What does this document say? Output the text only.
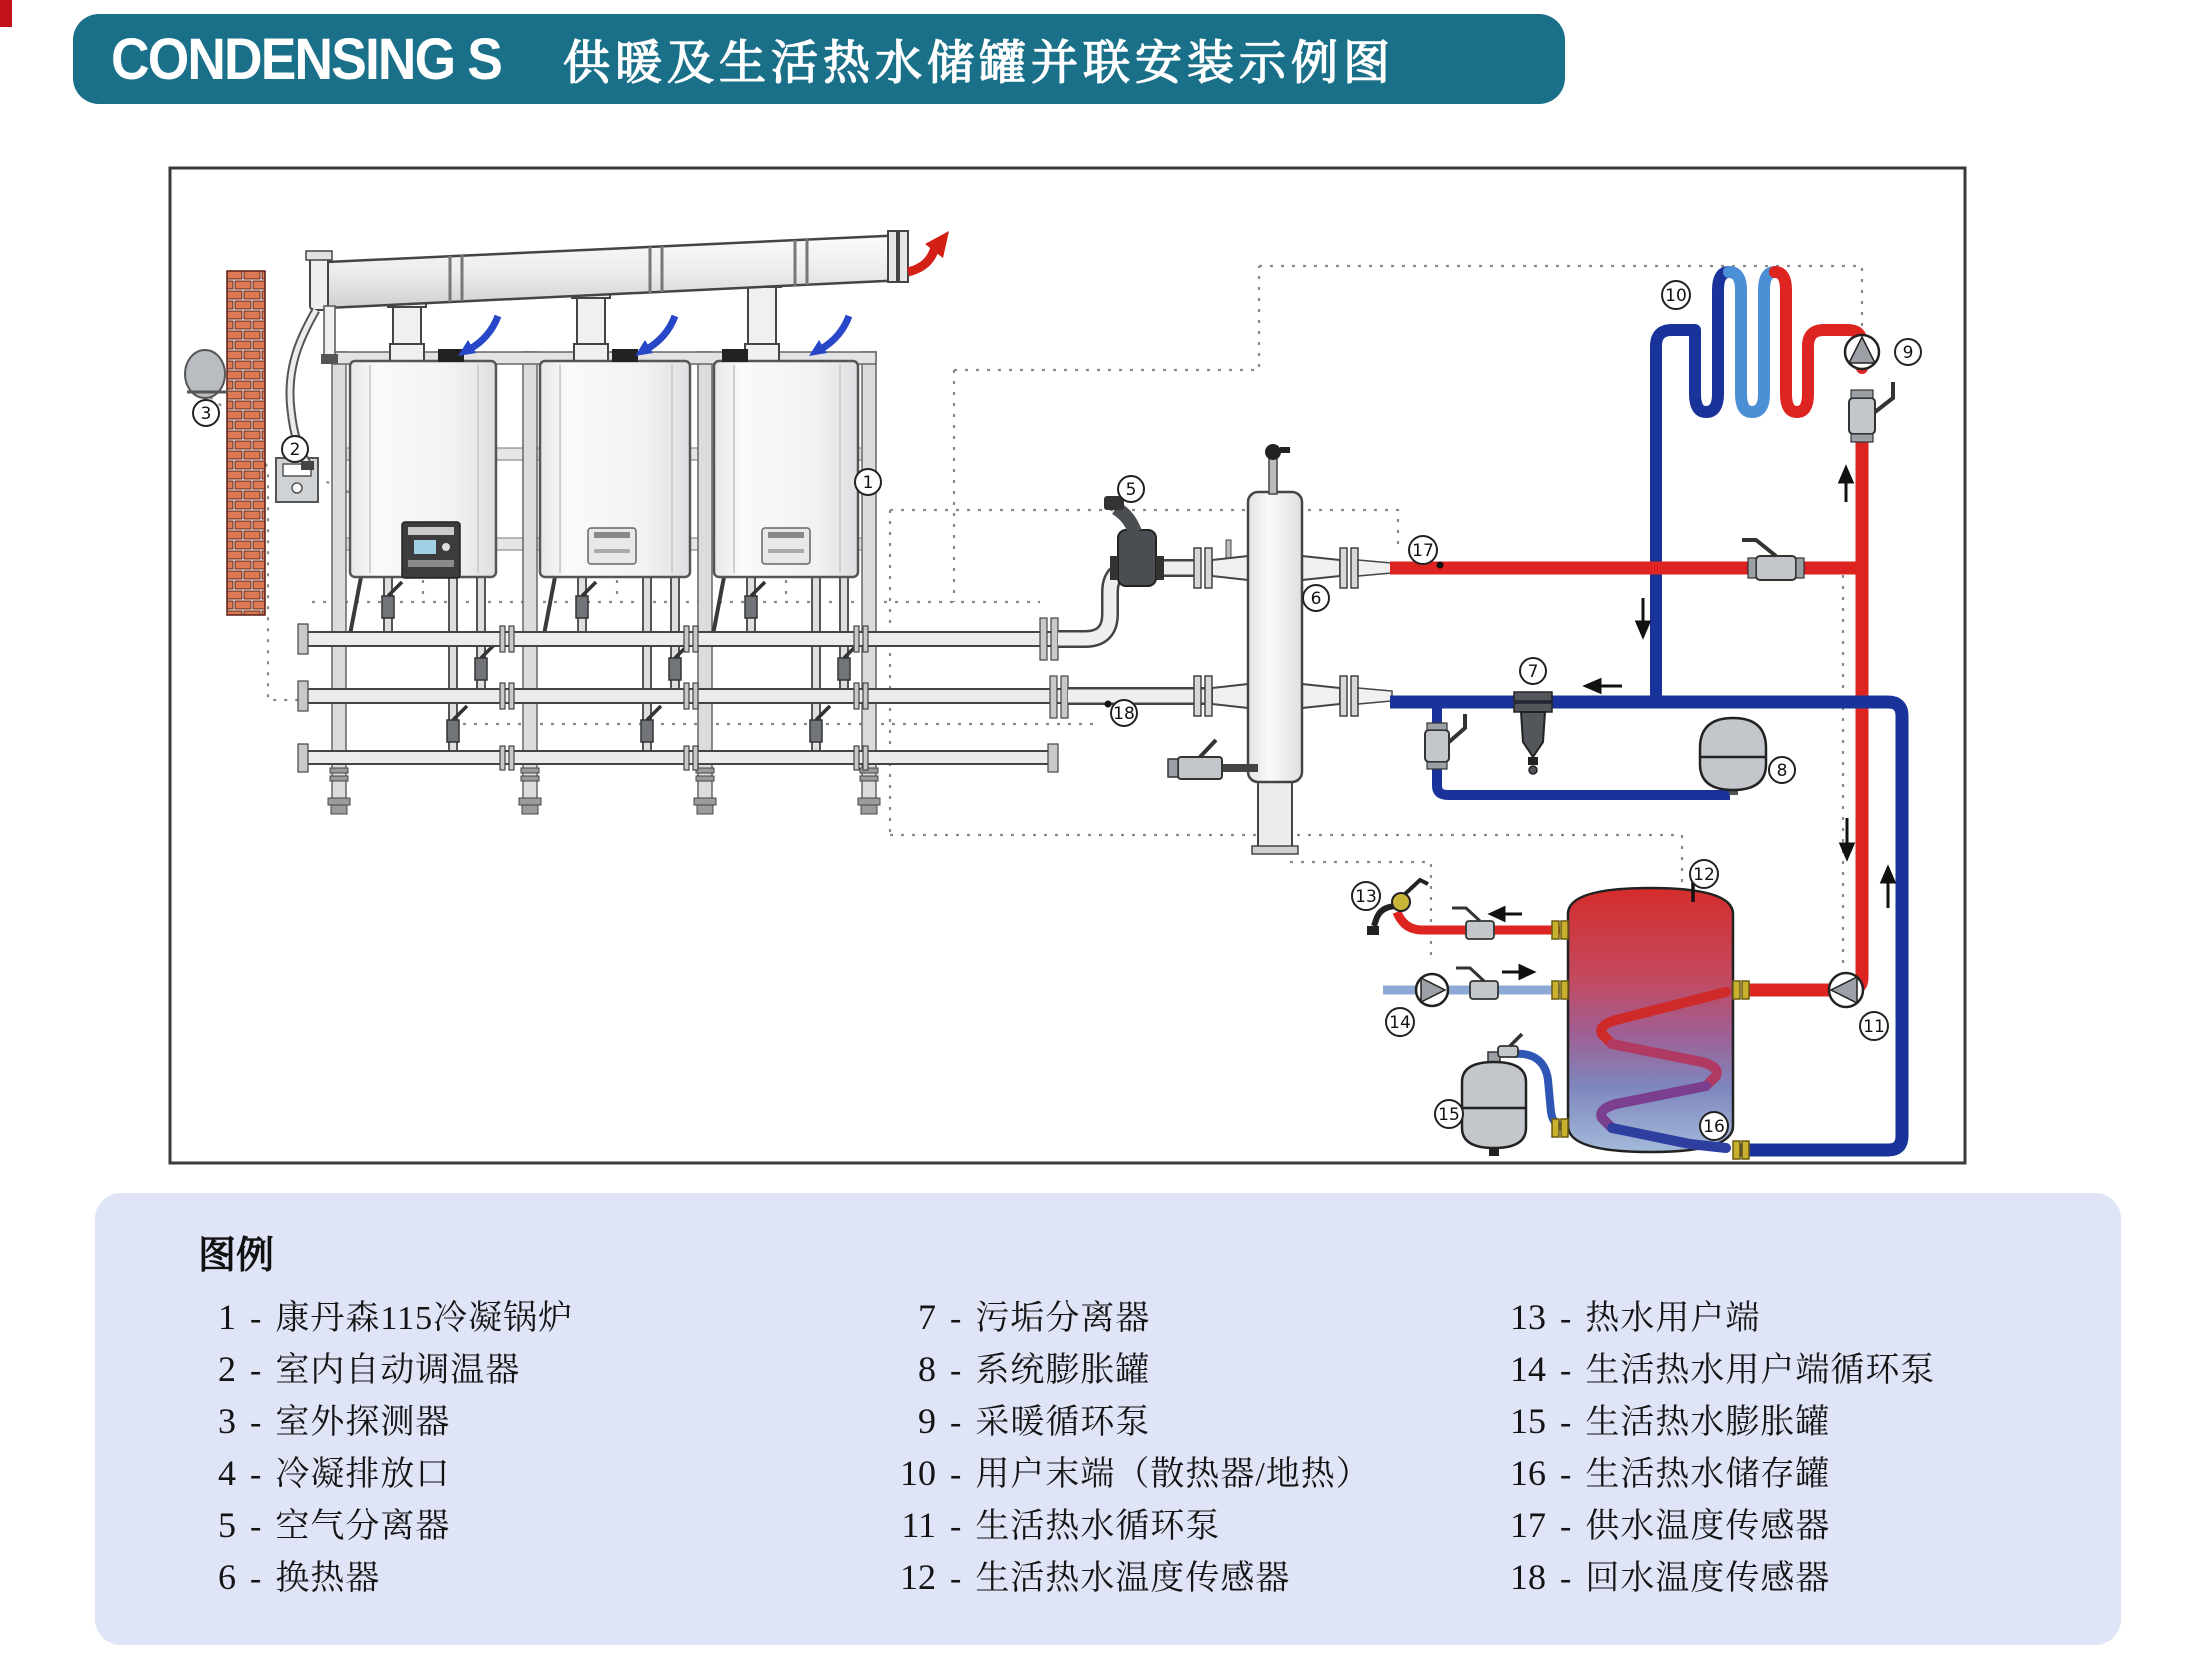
1
2
3
5
6
7
8
9
10
11
12
13
14
15
16
17
18
CONDENSING S 供暖及生活热水储罐并联安装示例图
图例
1 - 康丹森115冷凝锅炉
2 - 室内自动调温器
3 - 室外探测器
4 - 冷凝排放口
5 - 空气分离器
6 - 换热器
7 - 污垢分离器
8 - 系统膨胀罐
9 - 采暖循环泵
10 - 用户末端（散热器/地热）
11 - 生活热水循环泵
12 - 生活热水温度传感器
13 - 热水用户端
14 - 生活热水用户端循环泵
15 - 生活热水膨胀罐
16 - 生活热水储存罐
17 - 供水温度传感器
18 - 回水温度传感器
